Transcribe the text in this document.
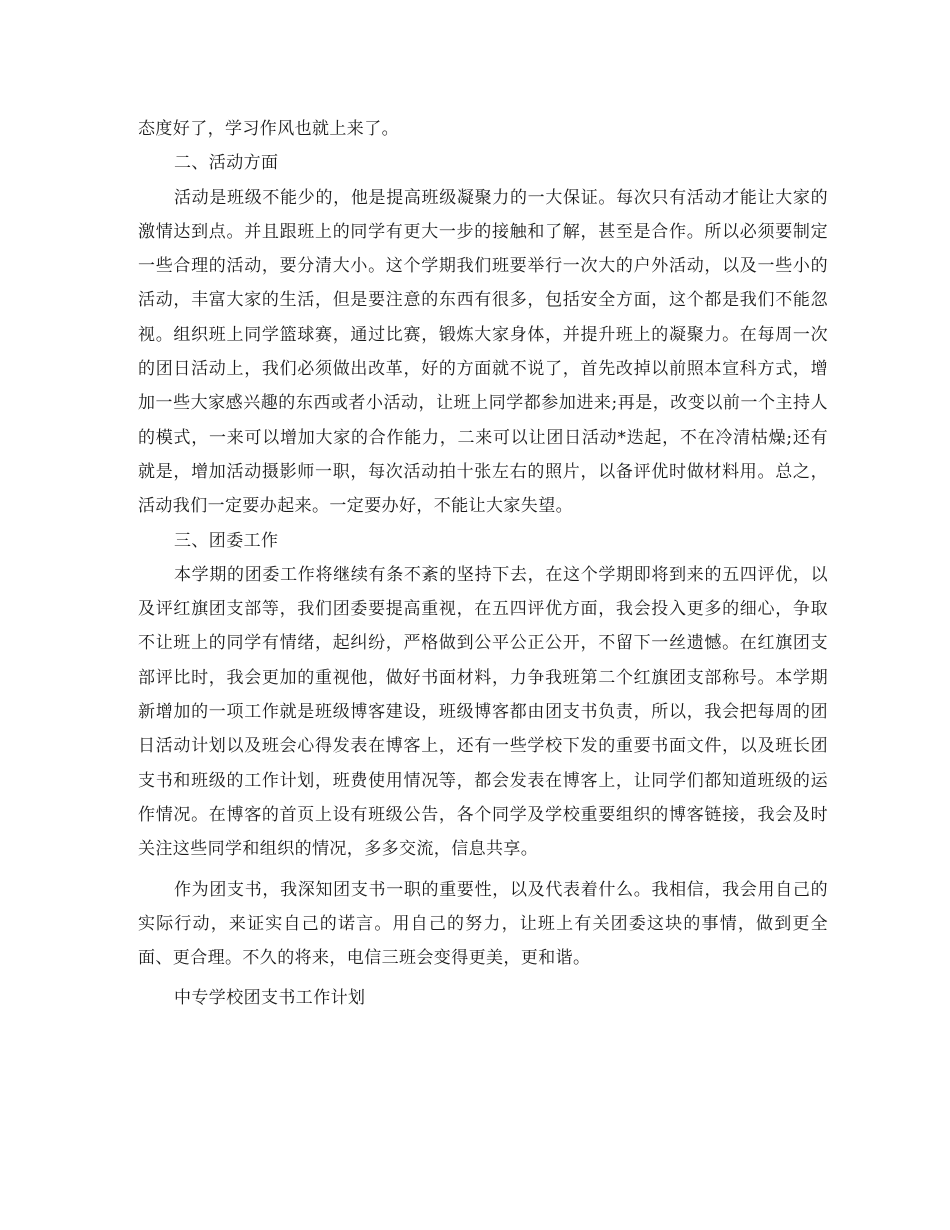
态度好了，学习作风也就上来了。

二、活动方面

活动是班级不能少的，他是提高班级凝聚力的一大保证。每次只有活动才能让大家的激情达到点。并且跟班上的同学有更大一步的接触和了解，甚至是合作。所以必须要制定一些合理的活动，要分清大小。这个学期我们班要举行一次大的户外活动，以及一些小的活动，丰富大家的生活，但是要注意的东西有很多，包括安全方面，这个都是我们不能忽视。组织班上同学篮球赛，通过比赛，锻炼大家身体，并提升班上的凝聚力。在每周一次的团日活动上，我们必须做出改革，好的方面就不说了，首先改掉以前照本宣科方式，增加一些大家感兴趣的东西或者小活动，让班上同学都参加进来;再是，改变以前一个主持人的模式，一来可以增加大家的合作能力，二来可以让团日活动*迭起，不在冷清枯燥;还有就是，增加活动摄影师一职，每次活动拍十张左右的照片，以备评优时做材料用。总之，活动我们一定要办起来。一定要办好，不能让大家失望。

三、团委工作

本学期的团委工作将继续有条不紊的坚持下去，在这个学期即将到来的五四评优，以及评红旗团支部等，我们团委要提高重视，在五四评优方面，我会投入更多的细心，争取不让班上的同学有情绪，起纠纷，严格做到公平公正公开，不留下一丝遗憾。在红旗团支部评比时，我会更加的重视他，做好书面材料，力争我班第二个红旗团支部称号。本学期新增加的一项工作就是班级博客建设，班级博客都由团支书负责，所以，我会把每周的团日活动计划以及班会心得发表在博客上，还有一些学校下发的重要书面文件，以及班长团支书和班级的工作计划，班费使用情况等，都会发表在博客上，让同学们都知道班级的运作情况。在博客的首页上设有班级公告，各个同学及学校重要组织的博客链接，我会及时关注这些同学和组织的情况，多多交流，信息共享。

作为团支书，我深知团支书一职的重要性，以及代表着什么。我相信，我会用自己的实际行动，来证实自己的诺言。用自己的努力，让班上有关团委这块的事情，做到更全面、更合理。不久的将来，电信三班会变得更美，更和谐。

中专学校团支书工作计划
